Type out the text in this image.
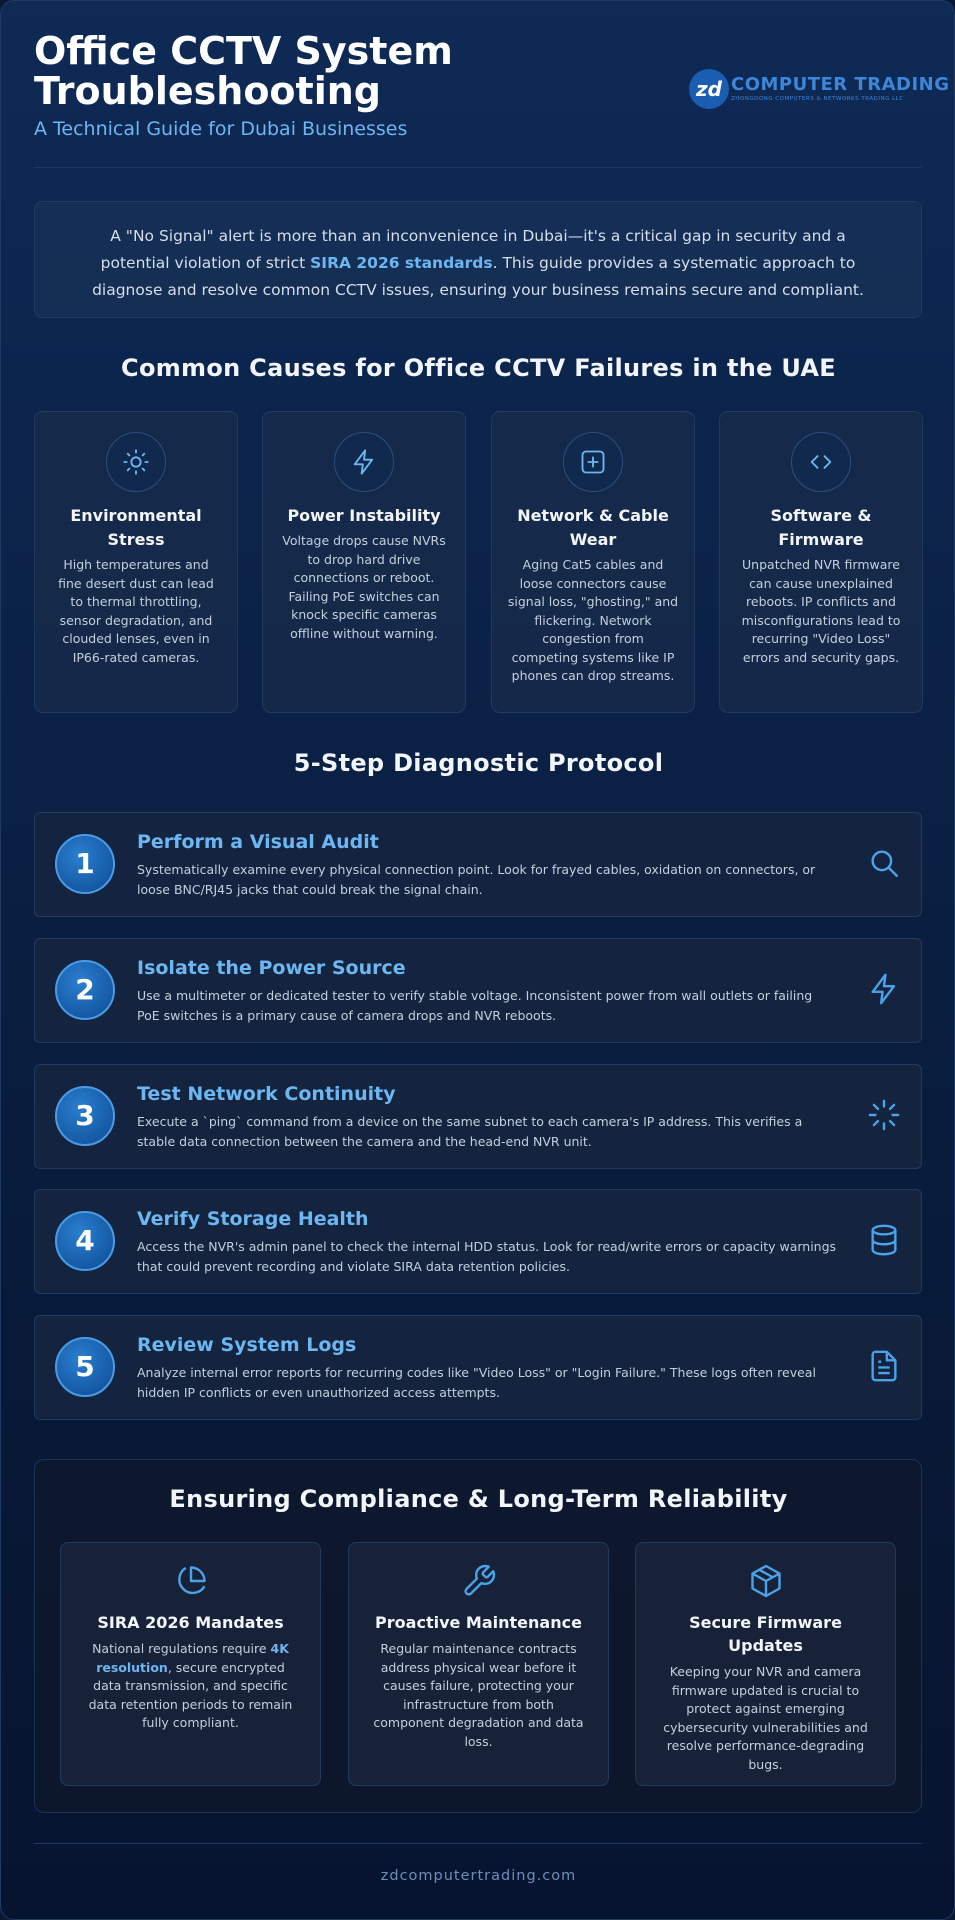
Office CCTV System Troubleshooting
A Technical Guide for Dubai Businesses
zd COMPUTER TRADING
ZHONGDONG COMPUTERS & NETWORKS TRADING LLC
A "No Signal" alert is more than an inconvenience in Dubai—it's a critical gap in security and a potential violation of strict SIRA 2026 standards. This guide provides a systematic approach to diagnose and resolve common CCTV issues, ensuring your business remains secure and compliant.
Common Causes for Office CCTV Failures in the UAE
Environmental Stress

High temperatures and fine desert dust can lead to thermal throttling, sensor degradation, and clouded lenses, even in IP66-rated cameras.

Power Instability

Voltage drops cause NVRs to drop hard drive connections or reboot. Failing PoE switches can knock specific cameras offline without warning.

Network & Cable Wear

Aging Cat5 cables and loose connectors cause signal loss, "ghosting," and flickering. Network congestion from competing systems like IP phones can drop streams.

Software & Firmware

Unpatched NVR firmware can cause unexplained reboots. IP conflicts and misconfigurations lead to recurring "Video Loss" errors and security gaps.

5-Step Diagnostic Protocol
1
Perform a Visual Audit

Systematically examine every physical connection point. Look for frayed cables, oxidation on connectors, or loose BNC/RJ45 jacks that could break the signal chain.

2
Isolate the Power Source

Use a multimeter or dedicated tester to verify stable voltage. Inconsistent power from wall outlets or failing PoE switches is a primary cause of camera drops and NVR reboots.

3
Test Network Continuity

Execute a `ping` command from a device on the same subnet to each camera's IP address. This verifies a stable data connection between the camera and the head-end NVR unit.

4
Verify Storage Health

Access the NVR's admin panel to check the internal HDD status. Look for read/write errors or capacity warnings that could prevent recording and violate SIRA data retention policies.

5
Review System Logs

Analyze internal error reports for recurring codes like "Video Loss" or "Login Failure." These logs often reveal hidden IP conflicts or even unauthorized access attempts.

Ensuring Compliance & Long-Term Reliability
SIRA 2026 Mandates

National regulations require 4K resolution, secure encrypted data transmission, and specific data retention periods to remain fully compliant.

Proactive Maintenance

Regular maintenance contracts address physical wear before it causes failure, protecting your infrastructure from both component degradation and data loss.

Secure Firmware Updates

Keeping your NVR and camera firmware updated is crucial to protect against emerging cybersecurity vulnerabilities and resolve performance-degrading bugs.

zdcomputertrading.com
